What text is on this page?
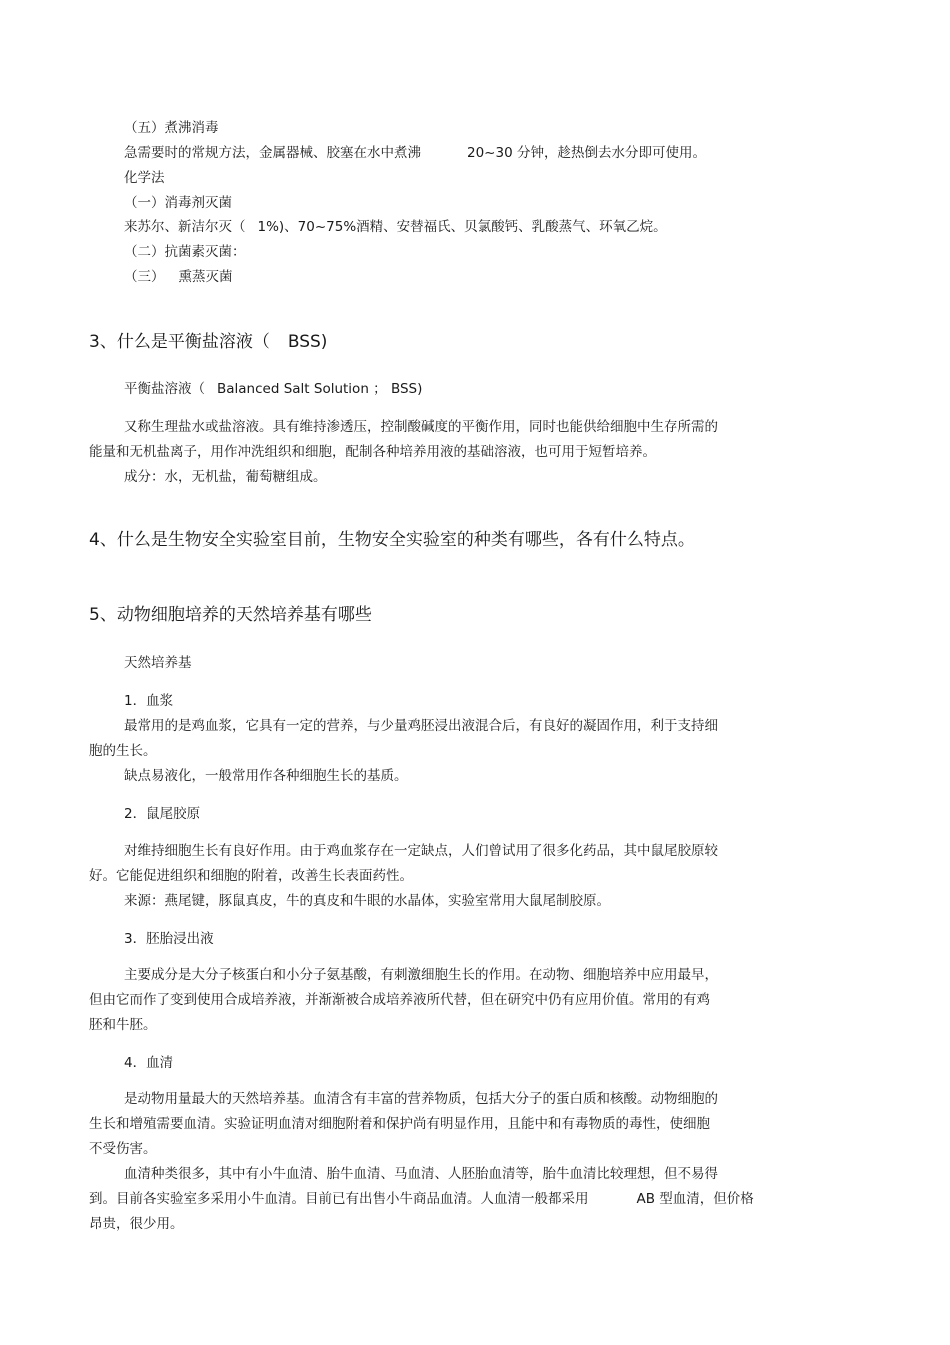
（五）煮沸消毒
急需要时的常规方法，金属器械、胶塞在水中煮沸	20~30 分钟，趁热倒去水分即可使用。
化学法
（一）消毒剂灭菌
来苏尔、新洁尔灭（ 1%)、70~75%酒精、安替福氏、贝氯酸钙、乳酸蒸气、环氧乙烷。
（二）抗菌素灭菌：
（三） 熏蒸灭菌
3、什么是平衡盐溶液（ BSS)
平衡盐溶液（ Balanced Salt Solution ； BSS)
又称生理盐水或盐溶液。具有维持渗透压，控制酸碱度的平衡作用，同时也能供给细胞中生存所需的
能量和无机盐离子，用作冲洗组织和细胞，配制各种培养用液的基础溶液，也可用于短暂培养。
成分：水，无机盐，葡萄糖组成。
4、什么是生物安全实验室目前，生物安全实验室的种类有哪些，各有什么特点。
5、动物细胞培养的天然培养基有哪些
天然培养基
1．血浆
最常用的是鸡血浆，它具有一定的营养，与少量鸡胚浸出液混合后，有良好的凝固作用，利于支持细
胞的生长。
缺点易液化，一般常用作各种细胞生长的基质。
2．鼠尾胶原
对维持细胞生长有良好作用。由于鸡血浆存在一定缺点，人们曾试用了很多化药品，其中鼠尾胶原较
好。它能促进组织和细胞的附着，改善生长表面药性。
来源：燕尾键，豚鼠真皮，牛的真皮和牛眼的水晶体，实验室常用大鼠尾制胶原。
3．胚胎浸出液
主要成分是大分子核蛋白和小分子氨基酸，有刺激细胞生长的作用。在动物、细胞培养中应用最早，
但由它而作了变到使用合成培养液，并渐渐被合成培养液所代替，但在研究中仍有应用价值。常用的有鸡
胚和牛胚。
4．血清
是动物用量最大的天然培养基。血清含有丰富的营养物质，包括大分子的蛋白质和核酸。动物细胞的
生长和增殖需要血清。实验证明血清对细胞附着和保护尚有明显作用，且能中和有毒物质的毒性，使细胞
不受伤害。
血清种类很多，其中有小牛血清、胎牛血清、马血清、人胚胎血清等，胎牛血清比较理想，但不易得
到。目前各实验室多采用小牛血清。目前已有出售小牛商品血清。人血清一般都采用	AB 型血清，但价格
昂贵，很少用。
